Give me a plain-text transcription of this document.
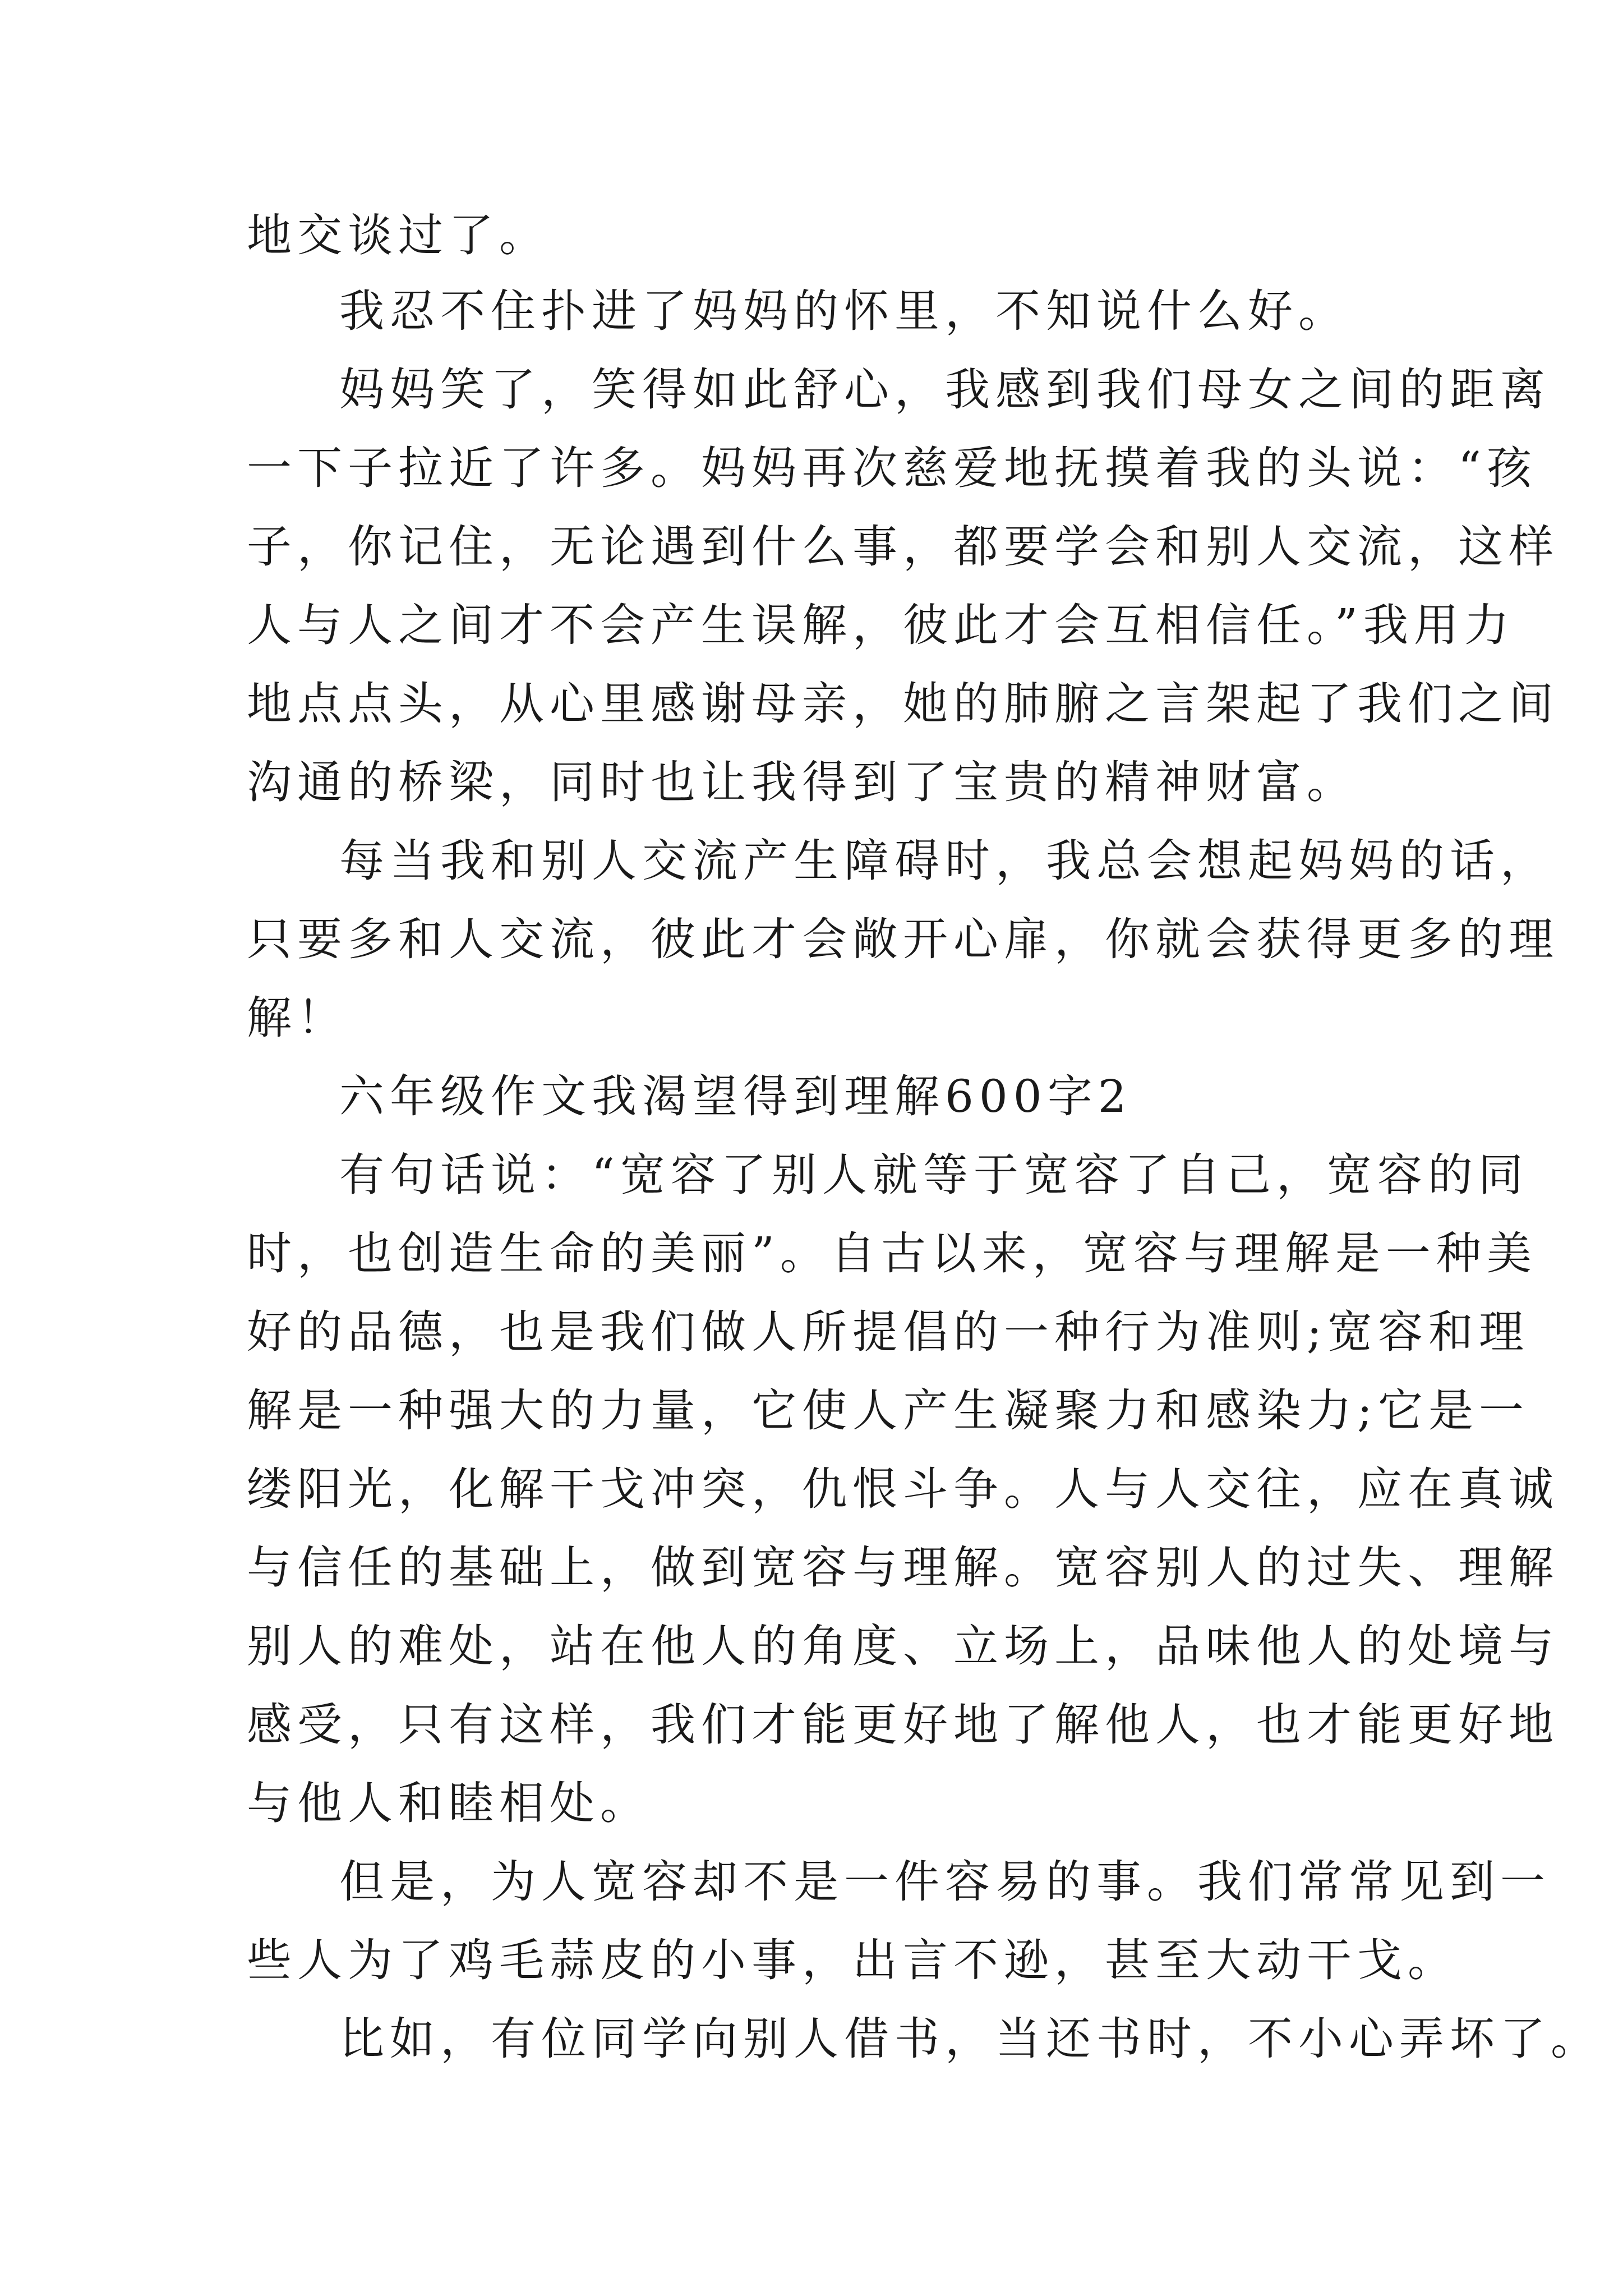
地交谈过了。
我忍不住扑进了妈妈的怀里，不知说什么好。
妈妈笑了，笑得如此舒心，我感到我们母女之间的距离
一下子拉近了许多。妈妈再次慈爱地抚摸着我的头说：“孩
子，你记住，无论遇到什么事，都要学会和别人交流，这样
人与人之间才不会产生误解，彼此才会互相信任。”我用力
地点点头，从心里感谢母亲，她的肺腑之言架起了我们之间
沟通的桥梁，同时也让我得到了宝贵的精神财富。
每当我和别人交流产生障碍时，我总会想起妈妈的话，
只要多和人交流，彼此才会敞开心扉，你就会获得更多的理
解！
六年级作文我渴望得到理解600字2
有句话说：“宽容了别人就等于宽容了自己，宽容的同
时，也创造生命的美丽”。自古以来，宽容与理解是一种美
好的品德，也是我们做人所提倡的一种行为准则;宽容和理
解是一种强大的力量，它使人产生凝聚力和感染力;它是一
缕阳光，化解干戈冲突，仇恨斗争。人与人交往，应在真诚
与信任的基础上，做到宽容与理解。宽容别人的过失、理解
别人的难处，站在他人的角度、立场上，品味他人的处境与
感受，只有这样，我们才能更好地了解他人，也才能更好地
与他人和睦相处。
但是，为人宽容却不是一件容易的事。我们常常见到一
些人为了鸡毛蒜皮的小事，出言不逊，甚至大动干戈。
比如，有位同学向别人借书，当还书时，不小心弄坏了。
